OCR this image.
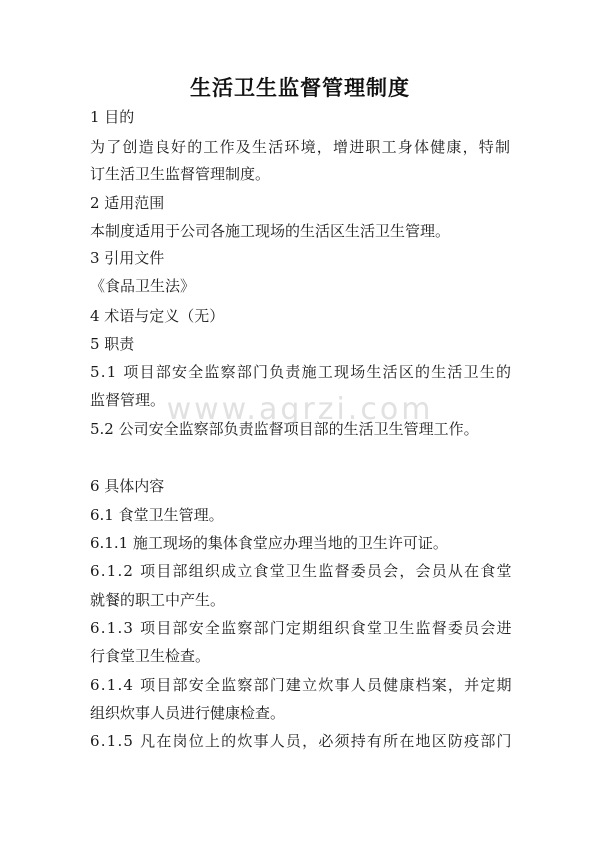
生活卫生监督管理制度
1 目的
为了创造良好的工作及生活环境，增进职工身体健康，特制
订生活卫生监督管理制度。
2 适用范围
本制度适用于公司各施工现场的生活区生活卫生管理。
3 引用文件
《食品卫生法》
4 术语与定义（无）
5 职责
5.1 项目部安全监察部门负责施工现场生活区的生活卫生的
监督管理。
5.2 公司安全监察部负责监督项目部的生活卫生管理工作。
6 具体内容
6.1 食堂卫生管理。
6.1.1 施工现场的集体食堂应办理当地的卫生许可证。
6.1.2 项目部组织成立食堂卫生监督委员会，会员从在食堂
就餐的职工中产生。
6.1.3 项目部安全监察部门定期组织食堂卫生监督委员会进
行食堂卫生检查。
6.1.4 项目部安全监察部门建立炊事人员健康档案，并定期
组织炊事人员进行健康检查。
6.1.5 凡在岗位上的炊事人员，必须持有所在地区防疫部门
www.agrzi.com
